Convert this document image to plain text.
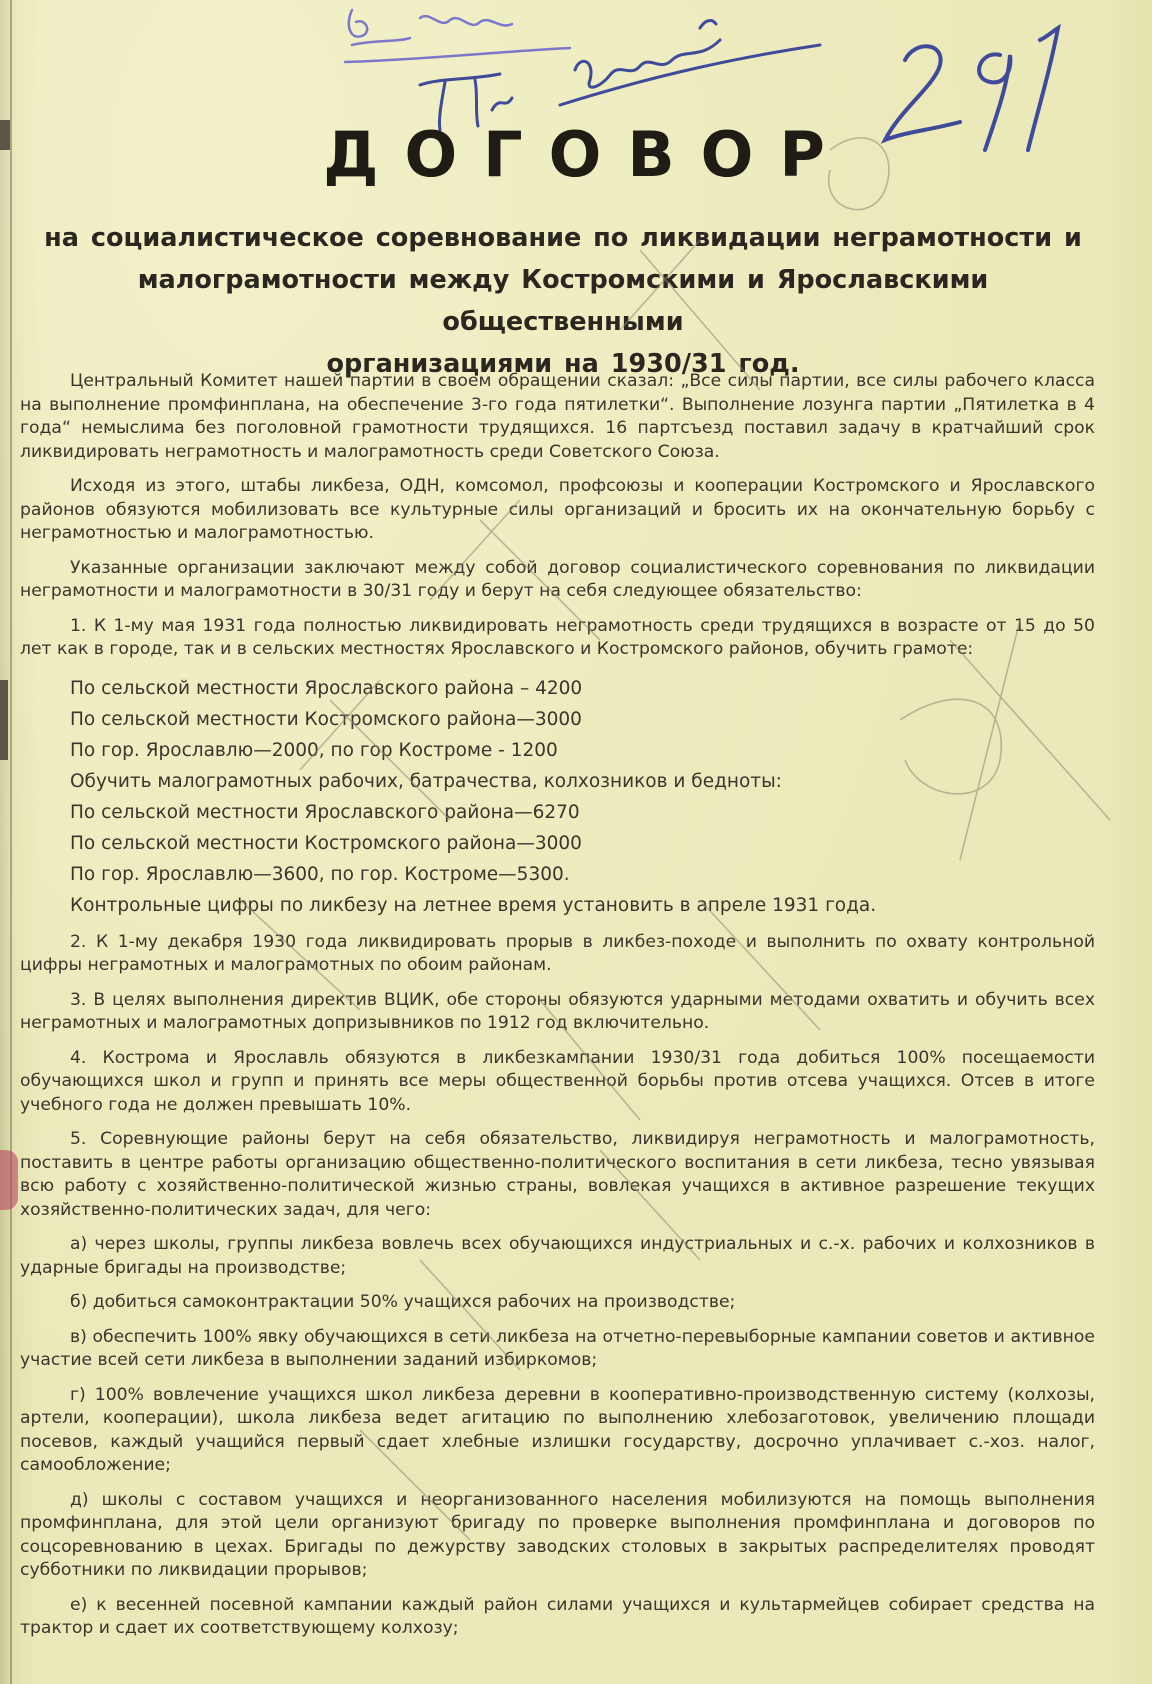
ДОГОВОР
на социалистическое соревнование по ликвидации неграмотности и
малограмотности между Костромскими и Ярославскими общественными
организациями на 1930/31 год.

Центральный Комитет нашей партии в своем обращении сказал: „Все силы партии, все силы рабочего класса на выполнение промфинплана, на обеспечение 3-го года пятилетки“. Выполнение лозунга партии „Пятилетка в 4 года“ немыслима без поголовной грамотности трудящихся. 16 партсъезд поставил задачу в кратчайший срок ликвидировать неграмотность и малограмотность среди Советского Союза.

Исходя из этого, штабы ликбеза, ОДН, комсомол, профсоюзы и кооперации Костромского и Ярославского районов обязуются мобилизовать все культурные силы организаций и бросить их на окончательную борьбу с неграмотностью и малограмотностью.

Указанные организации заключают между собой договор социалистического соревнования по ликвидации неграмотности и малограмотности в 30/31 году и берут на себя следующее обязательство:

1. К 1-му мая 1931 года полностью ликвидировать неграмотность среди трудящихся в возрасте от 15 до 50 лет как в городе, так и в сельских местностях Ярославского и Костромского районов, обучить грамоте:

По сельской местности Ярославского района – 4200
По сельской местности Костромского района—3000
По гор. Ярославлю—2000, по гор Костроме - 1200
Обучить малограмотных рабочих, батрачества, колхозников и бедноты:
По сельской местности Ярославского района—6270
По сельской местности Костромского района—3000
По гор. Ярославлю—3600, по гор. Костроме—5300.
Контрольные цифры по ликбезу на летнее время установить в апреле 1931 года.

2. К 1-му декабря 1930 года ликвидировать прорыв в ликбез-походе и выполнить по охвату контрольной цифры неграмотных и малограмотных по обоим районам.

3. В целях выполнения директив ВЦИК, обе стороны обязуются ударными методами охватить и обучить всех неграмотных и малограмотных допризывников по 1912 год включительно.

4. Кострома и Ярославль обязуются в ликбезкампании 1930/31 года добиться 100% посещаемости обучающихся школ и групп и принять все меры общественной борьбы против отсева учащихся. Отсев в итоге учебного года не должен превышать 10%.

5. Соревнующие районы берут на себя обязательство, ликвидируя неграмотность и малограмотность, поставить в центре работы организацию общественно-политического воспитания в сети ликбеза, тесно увязывая всю работу с хозяйственно-политической жизнью страны, вовлекая учащихся в активное разрешение текущих хозяйственно-политических задач, для чего:

а) через школы, группы ликбеза вовлечь всех обучающихся индустриальных и с.-х. рабочих и колхозников в ударные бригады на производстве;

б) добиться самоконтрактации 50% учащихся рабочих на производстве;

в) обеспечить 100% явку обучающихся в сети ликбеза на отчетно-перевыборные кампании советов и активное участие всей сети ликбеза в выполнении заданий избиркомов;

г) 100% вовлечение учащихся школ ликбеза деревни в кооперативно-производственную систему (колхозы, артели, кооперации), школа ликбеза ведет агитацию по выполнению хлебозаготовок, увеличению площади посевов, каждый учащийся первый сдает хлебные излишки государству, досрочно уплачивает с.-хоз. налог, самообложение;

д) школы с составом учащихся и неорганизованного населения мобилизуются на помощь выполнения промфинплана, для этой цели организуют бригаду по проверке выполнения промфинплана и договоров по соцсоревнованию в цехах. Бригады по дежурству заводских столовых в закрытых распределителях проводят субботники по ликвидации прорывов;

е) к весенней посевной кампании каждый район силами учащихся и культармейцев собирает средства на трактор и сдает их соответствующему колхозу;
